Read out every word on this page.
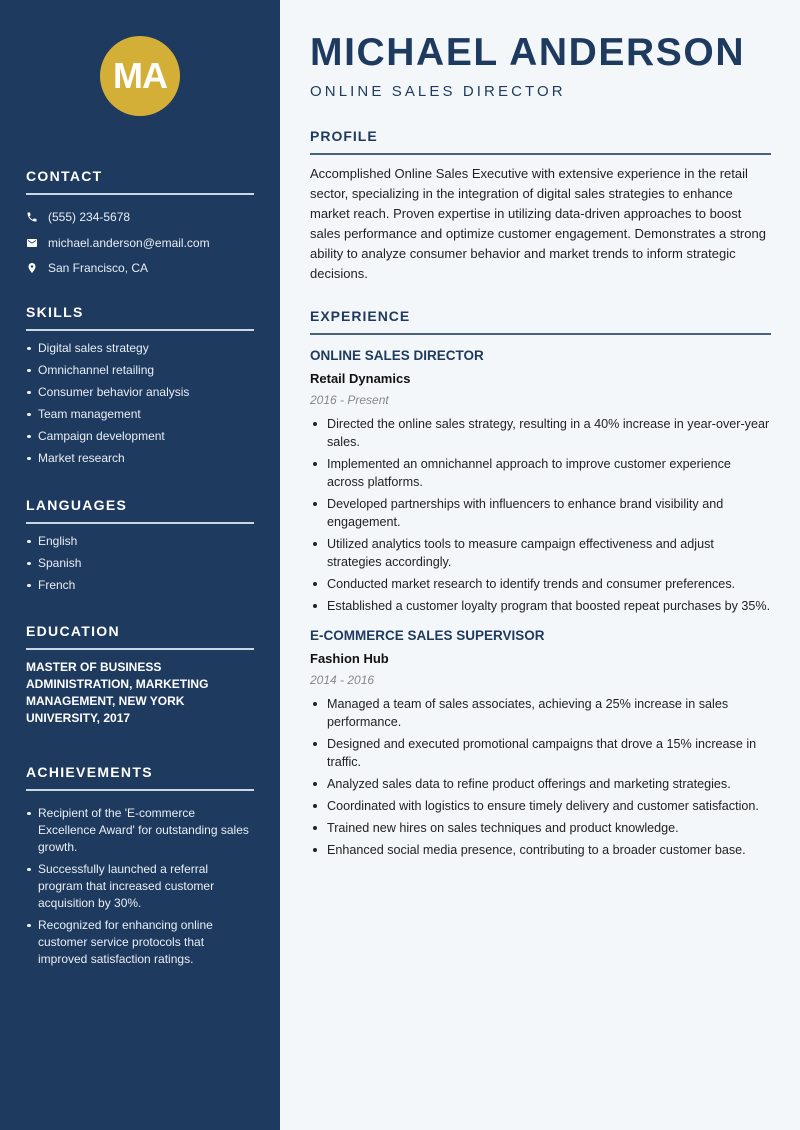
MA
CONTACT
(555) 234-5678
michael.anderson@email.com
San Francisco, CA
SKILLS
Digital sales strategy
Omnichannel retailing
Consumer behavior analysis
Team management
Campaign development
Market research
LANGUAGES
English
Spanish
French
EDUCATION

MASTER OF BUSINESS ADMINISTRATION, MARKETING MANAGEMENT, NEW YORK UNIVERSITY, 2017

ACHIEVEMENTS
Recipient of the 'E-commerce Excellence Award' for outstanding sales growth.
Successfully launched a referral program that increased customer acquisition by 30%.
Recognized for enhancing online customer service protocols that improved satisfaction ratings.
MICHAEL ANDERSON
ONLINE SALES DIRECTOR
PROFILE

Accomplished Online Sales Executive with extensive experience in the retail sector, specializing in the integration of digital sales strategies to enhance market reach. Proven expertise in utilizing data-driven approaches to boost sales performance and optimize customer engagement. Demonstrates a strong ability to analyze consumer behavior and market trends to inform strategic decisions.

EXPERIENCE
ONLINE SALES DIRECTOR
Retail Dynamics
2016 - Present
Directed the online sales strategy, resulting in a 40% increase in year-over-year sales.
Implemented an omnichannel approach to improve customer experience across platforms.
Developed partnerships with influencers to enhance brand visibility and engagement.
Utilized analytics tools to measure campaign effectiveness and adjust strategies accordingly.
Conducted market research to identify trends and consumer preferences.
Established a customer loyalty program that boosted repeat purchases by 35%.
E-COMMERCE SALES SUPERVISOR
Fashion Hub
2014 - 2016
Managed a team of sales associates, achieving a 25% increase in sales performance.
Designed and executed promotional campaigns that drove a 15% increase in traffic.
Analyzed sales data to refine product offerings and marketing strategies.
Coordinated with logistics to ensure timely delivery and customer satisfaction.
Trained new hires on sales techniques and product knowledge.
Enhanced social media presence, contributing to a broader customer base.
